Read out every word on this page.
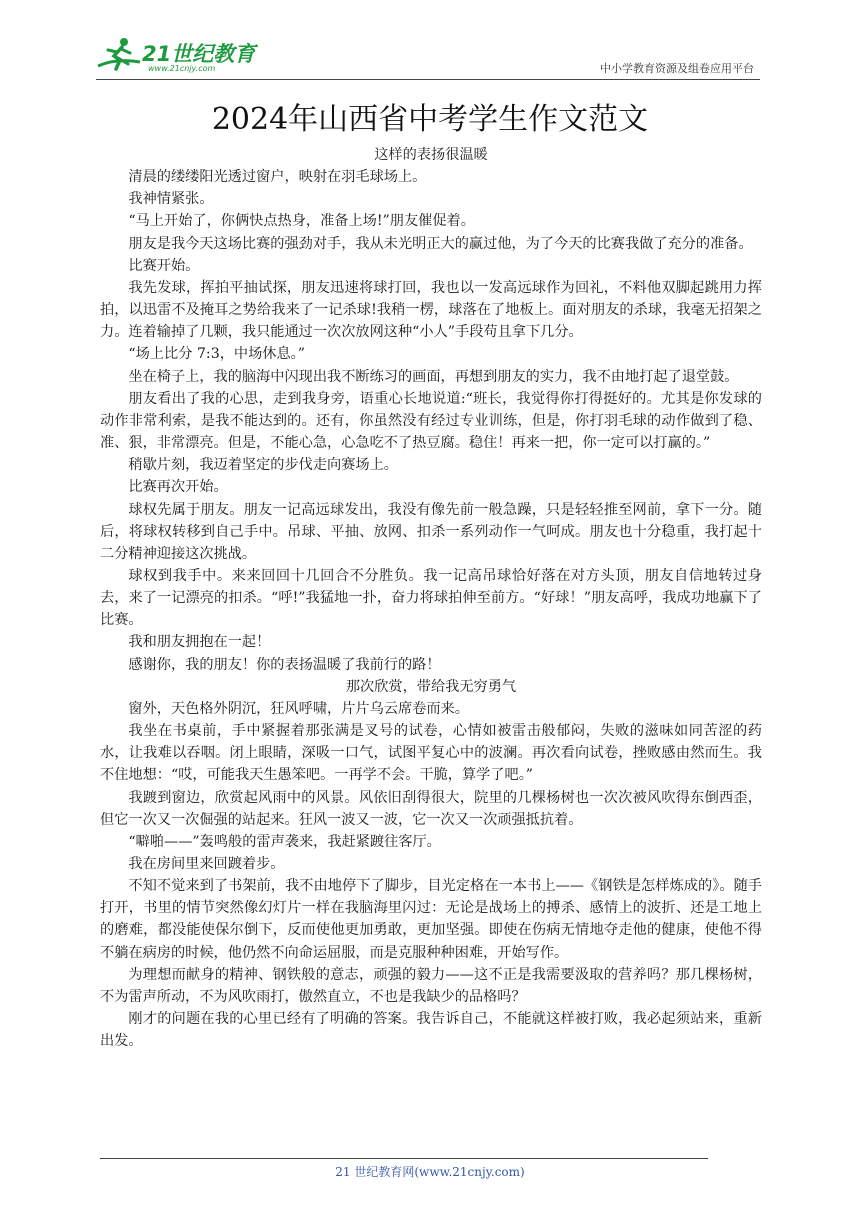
21世纪教育
www.21cnjy.com	中小学教育资源及组卷应用平台
2024年山西省中考学生作文范文

这样的表扬很温暖

清晨的缕缕阳光透过窗户，映射在羽毛球场上。

我神情紧张。

“马上开始了，你俩快点热身，准备上场!”朋友催促着。

朋友是我今天这场比赛的强劲对手，我从未光明正大的赢过他，为了今天的比赛我做了充分的准备。

比赛开始。

我先发球，挥拍平抽试探，朋友迅速将球打回，我也以一发高远球作为回礼，不料他双脚起跳用力挥拍，以迅雷不及掩耳之势给我来了一记杀球!我稍一楞，球落在了地板上。面对朋友的杀球，我毫无招架之力。连着输掉了几颗，我只能通过一次次放网这种“小人”手段苟且拿下几分。

“场上比分 7:3，中场休息。”

坐在椅子上，我的脑海中闪现出我不断练习的画面，再想到朋友的实力，我不由地打起了退堂鼓。

朋友看出了我的心思，走到我身旁，语重心长地说道:“班长，我觉得你打得挺好的。尤其是你发球的动作非常利索，是我不能达到的。还有，你虽然没有经过专业训练，但是，你打羽毛球的动作做到了稳、准、狠，非常漂亮。但是，不能心急，心急吃不了热豆腐。稳住！再来一把，你一定可以打赢的。”

稍歇片刻，我迈着坚定的步伐走向赛场上。

比赛再次开始。

球权先属于朋友。朋友一记高远球发出，我没有像先前一般急躁，只是轻轻推至网前，拿下一分。随后，将球权转移到自己手中。吊球、平抽、放网、扣杀一系列动作一气呵成。朋友也十分稳重，我打起十二分精神迎接这次挑战。

球权到我手中。来来回回十几回合不分胜负。我一记高吊球恰好落在对方头顶，朋友自信地转过身去，来了一记漂亮的扣杀。“呼!”我猛地一扑，奋力将球拍伸至前方。“好球！”朋友高呼，我成功地赢下了比赛。

我和朋友拥抱在一起！

感谢你，我的朋友！你的表扬温暖了我前行的路！

那次欣赏，带给我无穷勇气

窗外，天色格外阴沉，狂风呼啸，片片乌云席卷而来。

我坐在书桌前，手中紧握着那张满是叉号的试卷，心情如被雷击般郁闷，失败的滋味如同苦涩的药水，让我难以吞咽。闭上眼睛，深吸一口气，试图平复心中的波澜。再次看向试卷，挫败感由然而生。我不住地想：“哎，可能我天生愚笨吧。一再学不会。干脆，算学了吧。”

我踱到窗边，欣赏起风雨中的风景。风依旧刮得很大，院里的几棵杨树也一次次被风吹得东倒西歪，但它一次又一次倔强的站起来。狂风一波又一波，它一次又一次顽强抵抗着。

“噼啪——”轰鸣般的雷声袭来，我赶紧踱往客厅。

我在房间里来回踱着步。

不知不觉来到了书架前，我不由地停下了脚步，目光定格在一本书上——《钢铁是怎样炼成的》。随手打开，书里的情节突然像幻灯片一样在我脑海里闪过：无论是战场上的搏杀、感情上的波折、还是工地上的磨难，都没能使保尔倒下，反而使他更加勇敢，更加坚强。即使在伤病无情地夺走他的健康，使他不得不躺在病房的时候，他仍然不向命运屈服，而是克服种种困难，开始写作。

为理想而献身的精神、钢铁般的意志，顽强的毅力——这不正是我需要汲取的营养吗？那几棵杨树，不为雷声所动，不为风吹雨打，傲然直立，不也是我缺少的品格吗？

刚才的问题在我的心里已经有了明确的答案。我告诉自己，不能就这样被打败，我必起须站来，重新出发。

21 世纪教育网(www.21cnjy.com)
